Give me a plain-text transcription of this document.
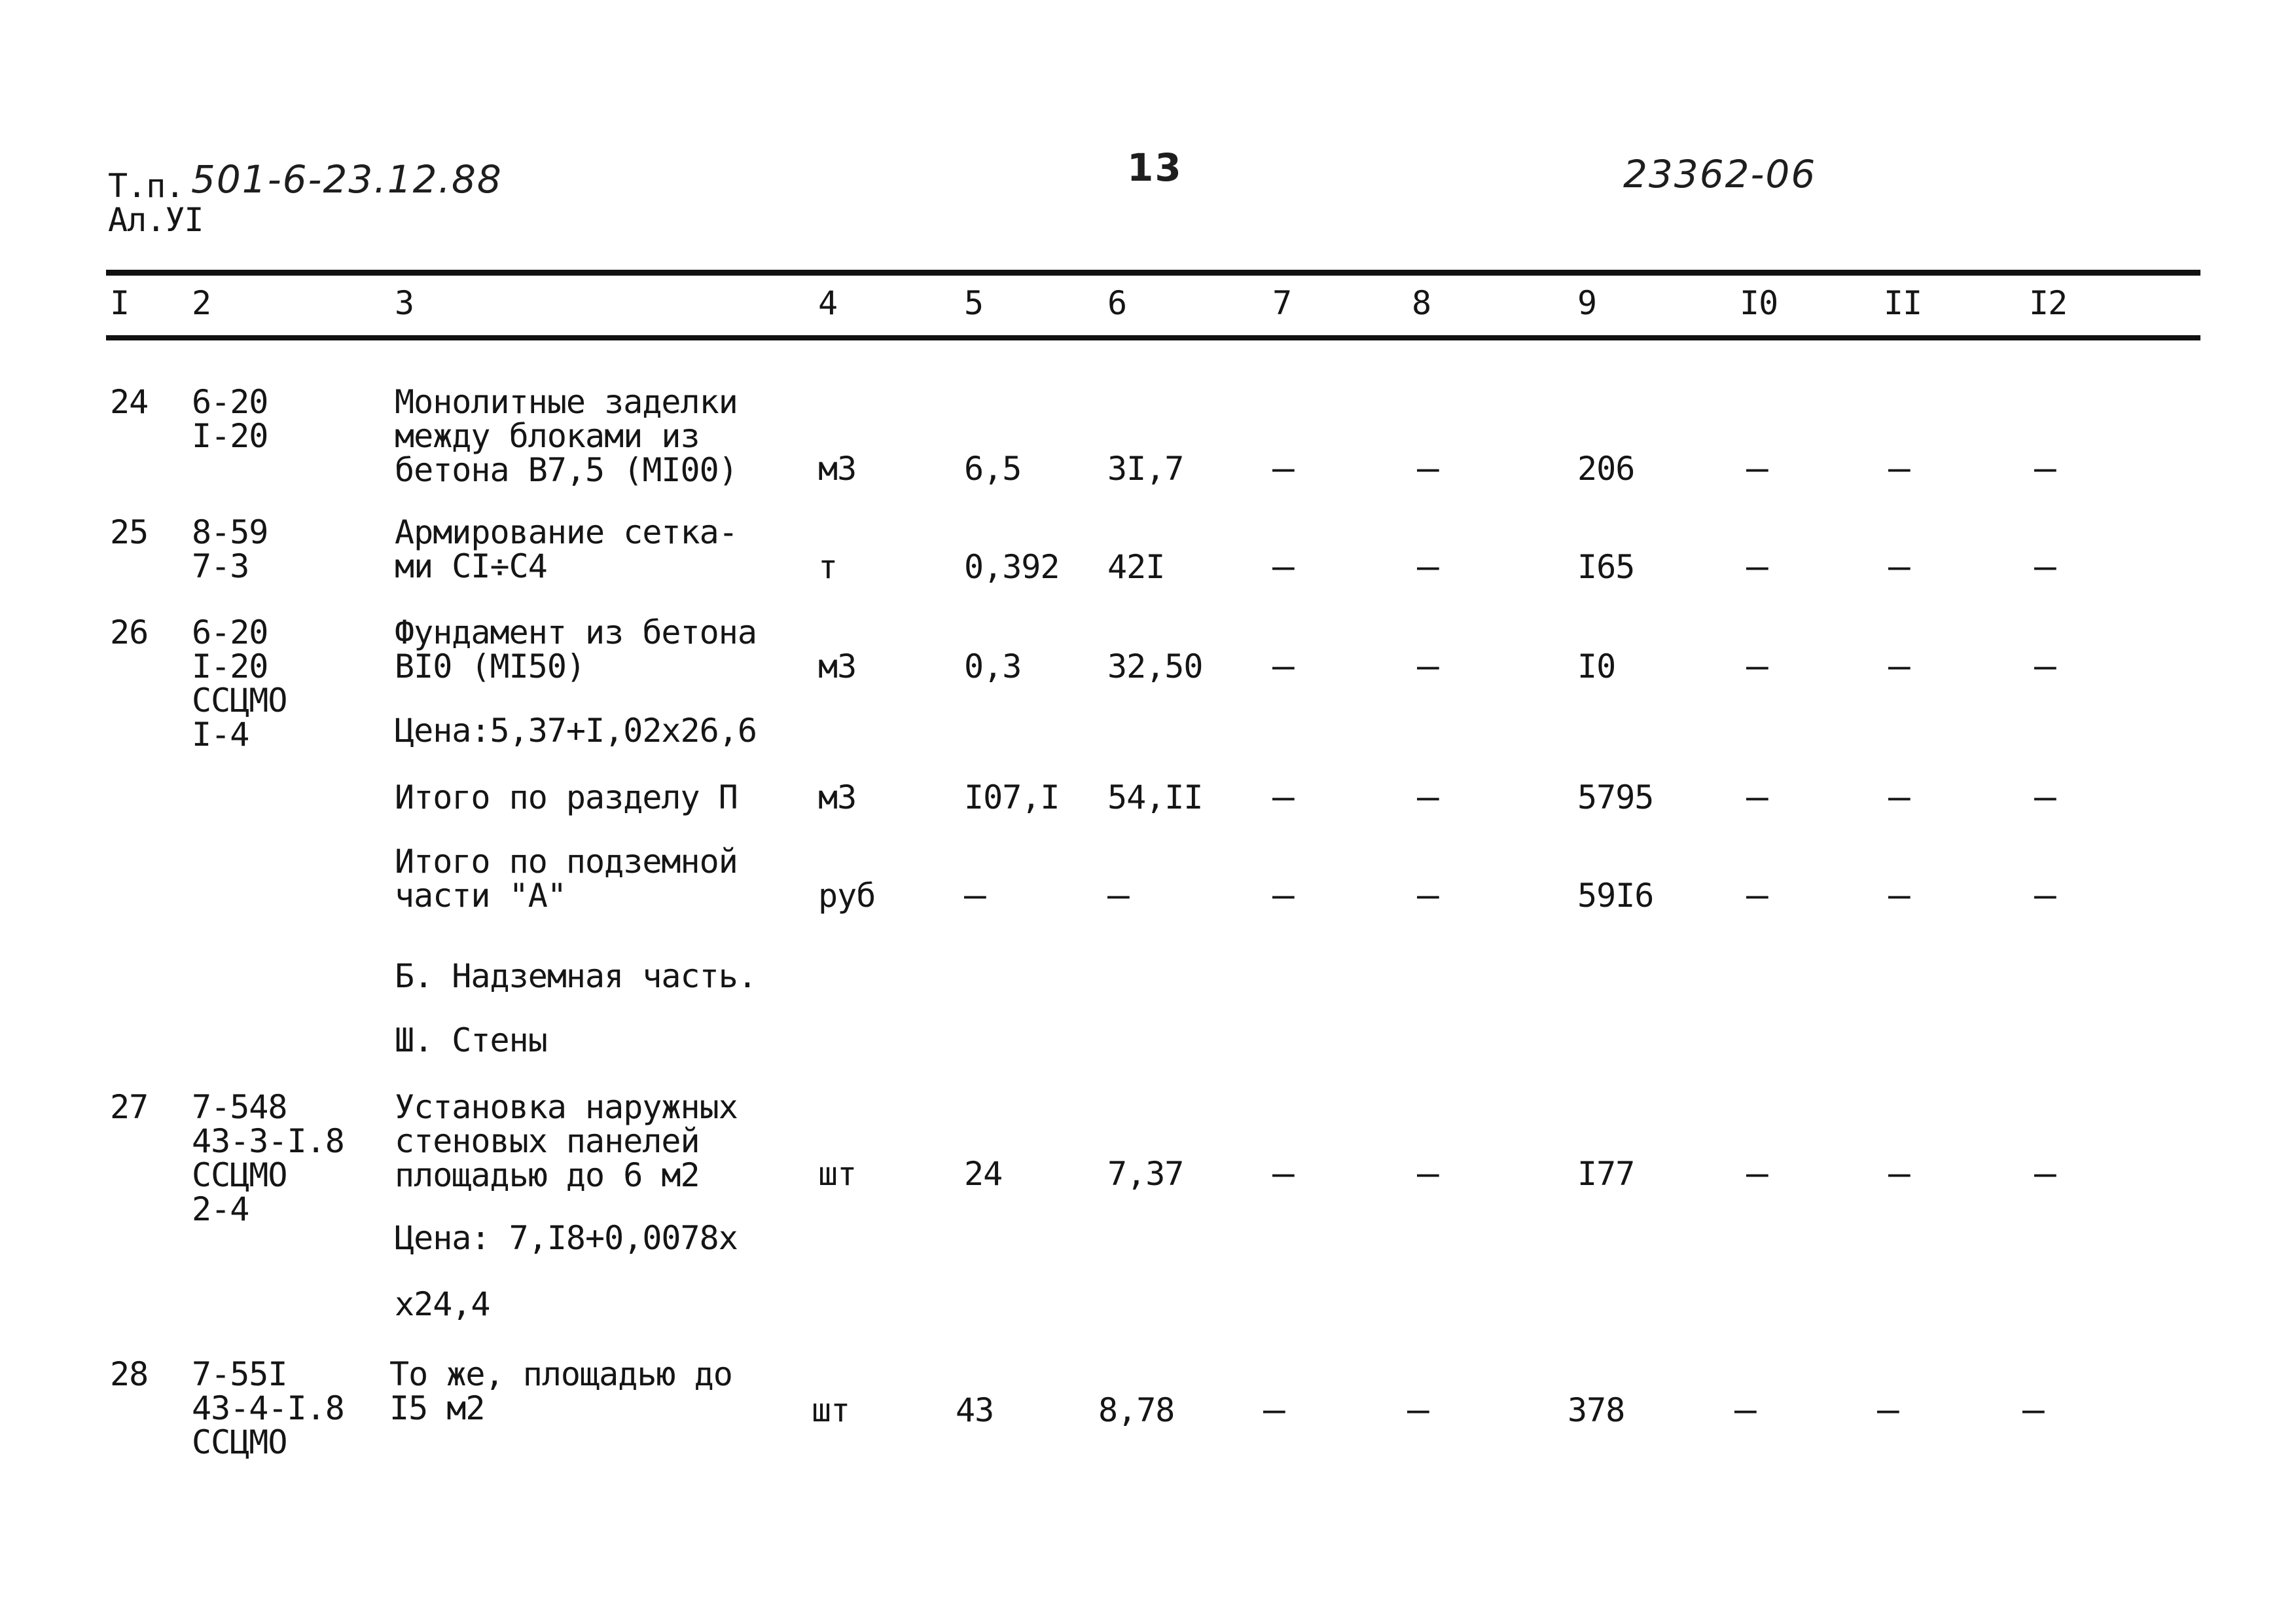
Т.п. 501-6-23.12.88
Ал.УI
13	23362-06
I 2	3	4	5	6	7	8	9	I0	II	I2
24 6-20
I-20
Монолитные заделки
между блоками из
бетона В7,5 (МI00) м3	6,5	3I,7 –	–	206	–	–	–
25 8-59
7-3
Армирование сетка-
ми СI÷С4	т	0,392 42I	–	–	I65	–	–	–
26 6-20
I-20
ССЦМО
I-4
Фундамент из бетона
ВI0 (МI50)	м3	0,3	32,50 –	–	I0	–	–	–
Цена:5,37+I,02х26,6
Итого по разделу П м3	I07,I 54,II –	–	5795	–	–	–
Итого по подземной
части "А"	руб –	–	–	–	59I6	–	–	–
Б. Надземная часть.
Ш. Стены
27 7-548
43-3-I.8
ССЦМО
2-4
Установка наружных
стеновых панелей
площадью до 6 м2	шт	24	7,37 –	–	I77	–	–	–
Цена: 7,I8+0,0078х
х24,4
28 7-55I
43-4-I.8
ССЦМО
То же, площадью до
I5 м2	шт	43	8,78 –	–	378	–	–	–
